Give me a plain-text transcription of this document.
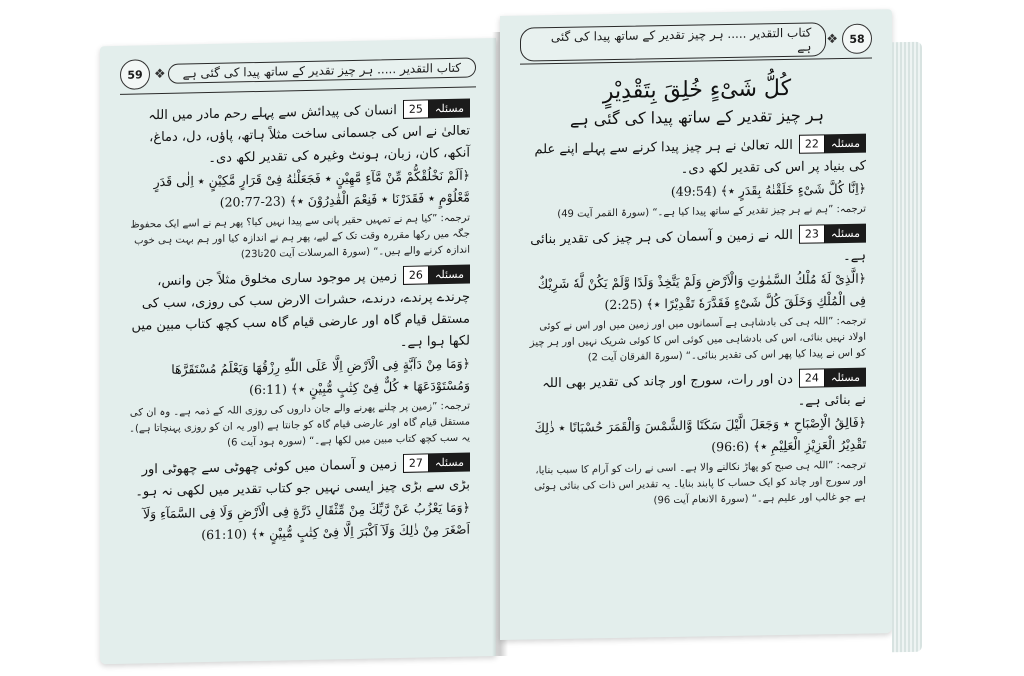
59 ❖	کتاب التقدیر ..... ہر چیز تقدیر کے ساتھ پیدا کی گئی ہے
25	مسئلہ
انسان کی پیدائش سے پہلے رحم مادر میں اللہ تعالیٰ نے اس کی جسمانی ساخت مثلاً ہاتھ، پاؤں، دل، دماغ، آنکھ، کان، زبان، ہونٹ وغیرہ کی تقدیر لکھ دی۔
﴿اَلَمْ نَخْلُقْكُّمْ مِّنْ مَّآءٍ مَّهِيْنٍ ٭ فَجَعَلْنٰهُ فِىْ قَرَارٍ مَّكِيْنٍ ٭ اِلٰى قَدَرٍ مَّعْلُوْمٍ ٭ فَقَدَرْنَا ٭ فَنِعْمَ الْقٰدِرُوْنَ ٭﴾ (23-20:77)
ترجمہ: ”کیا ہم نے تمہیں حقیر پانی سے پیدا نہیں کیا؟ پھر ہم نے اسے ایک محفوظ جگہ میں رکھا مقررہ وقت تک کے لیے، پھر ہم نے اندازہ کیا اور ہم بہت ہی خوب اندازہ کرنے والے ہیں۔“ (سورۃ المرسلات آیت 20تا23)
26	مسئلہ
زمین پر موجود ساری مخلوق مثلاً جن وانس، چرندے پرندے، درندے، حشرات الارض سب کی روزی، سب کی مستقل قیام گاہ اور عارضی قیام گاہ سب کچھ کتاب مبین میں لکھا ہوا ہے۔
﴿وَمَا مِنْ دَآبَّةٍ فِى الْاَرْضِ اِلَّا عَلَى اللّٰهِ رِزْقُهَا وَيَعْلَمُ مُسْتَقَرَّهَا وَمُسْتَوْدَعَهَا ٭ كُلٌّ فِىْ كِتٰبٍ مُّبِيْنٍ ٭﴾ (6:11)
ترجمہ: ”زمین پر چلنے پھرنے والے جان داروں کی روزی اللہ کے ذمہ ہے۔ وہ ان کی مستقل قیام گاہ اور عارضی قیام گاہ کو جانتا ہے (اور یہ ان کو روزی پہنچاتا ہے)۔ یہ سب کچھ کتاب مبین میں لکھا ہے۔“ (سورہ ہود آیت 6)
27	مسئلہ
زمین و آسمان میں کوئی چھوٹی سے چھوٹی اور بڑی سے بڑی چیز ایسی نہیں جو کتاب تقدیر میں لکھی نہ ہو۔
﴿وَمَا يَعْزُبُ عَنْ رَّبِّكَ مِنْ مِّثْقَالِ ذَرَّةٍ فِى الْاَرْضِ وَلَا فِى السَّمَآءِ وَلَآ اَصْغَرَ مِنْ ذٰلِكَ وَلَآ اَكْبَرَ اِلَّا فِىْ كِتٰبٍ مُّبِيْنٍ ٭﴾ (61:10)
کتاب التقدیر ..... ہر چیز تقدیر کے ساتھ پیدا کی گئی ہے	❖	58
كُلُّ شَىْءٍ خُلِقَ بِتَقْدِيْرٍ
ہر چیز تقدیر کے ساتھ پیدا کی گئی ہے
22	مسئلہ
اللہ تعالیٰ نے ہر چیز پیدا کرنے سے پہلے اپنے علم کی بنیاد پر اس کی تقدیر لکھ دی۔
﴿اِنَّا كُلَّ شَىْءٍ خَلَقْنٰهُ بِقَدَرٍ ٭﴾ (49:54)
ترجمہ: ”ہم نے ہر چیز تقدیر کے ساتھ پیدا کیا ہے۔“ (سورۃ القمر آیت 49)
23	مسئلہ
اللہ نے زمین و آسمان کی ہر چیز کی تقدیر بنائی ہے۔
﴿الَّذِىْ لَهٗ مُلْكُ السَّمٰوٰتِ وَالْاَرْضِ وَلَمْ يَتَّخِذْ وَلَدًا وَّلَمْ يَكُنْ لَّهٗ شَرِيْكٌ فِى الْمُلْكِ وَخَلَقَ كُلَّ شَىْءٍ فَقَدَّرَهٗ تَقْدِيْرًا ٭﴾ (2:25)
ترجمہ: ”اللہ ہی کی بادشاہی ہے آسمانوں میں اور زمین میں اور اس نے کوئی اولاد نہیں بنائی، اس کی بادشاہی میں کوئی اس کا کوئی شریک نہیں اور ہر چیز کو اس نے پیدا کیا پھر اس کی تقدیر بنائی۔“ (سورۃ الفرقان آیت 2)
24	مسئلہ
دن اور رات، سورج اور چاند کی تقدیر بھی اللہ نے بنائی ہے۔
﴿فَالِقُ الْاِصْبَاحِ ٭ وَجَعَلَ الَّيْلَ سَكَنًا وَّالشَّمْسَ وَالْقَمَرَ حُسْبَانًا ٭ ذٰلِكَ تَقْدِيْرُ الْعَزِيْزِ الْعَلِيْمِ ٭﴾ (96:6)
ترجمہ: ”اللہ ہی صبح کو پھاڑ نکالنے والا ہے۔ اسی نے رات کو آرام کا سبب بنایا، اور سورج اور چاند کو ایک حساب کا پابند بنایا۔ یہ تقدیر اس ذات کی بنائی ہوئی ہے جو غالب اور علیم ہے۔“ (سورۃ الانعام آیت 96)
